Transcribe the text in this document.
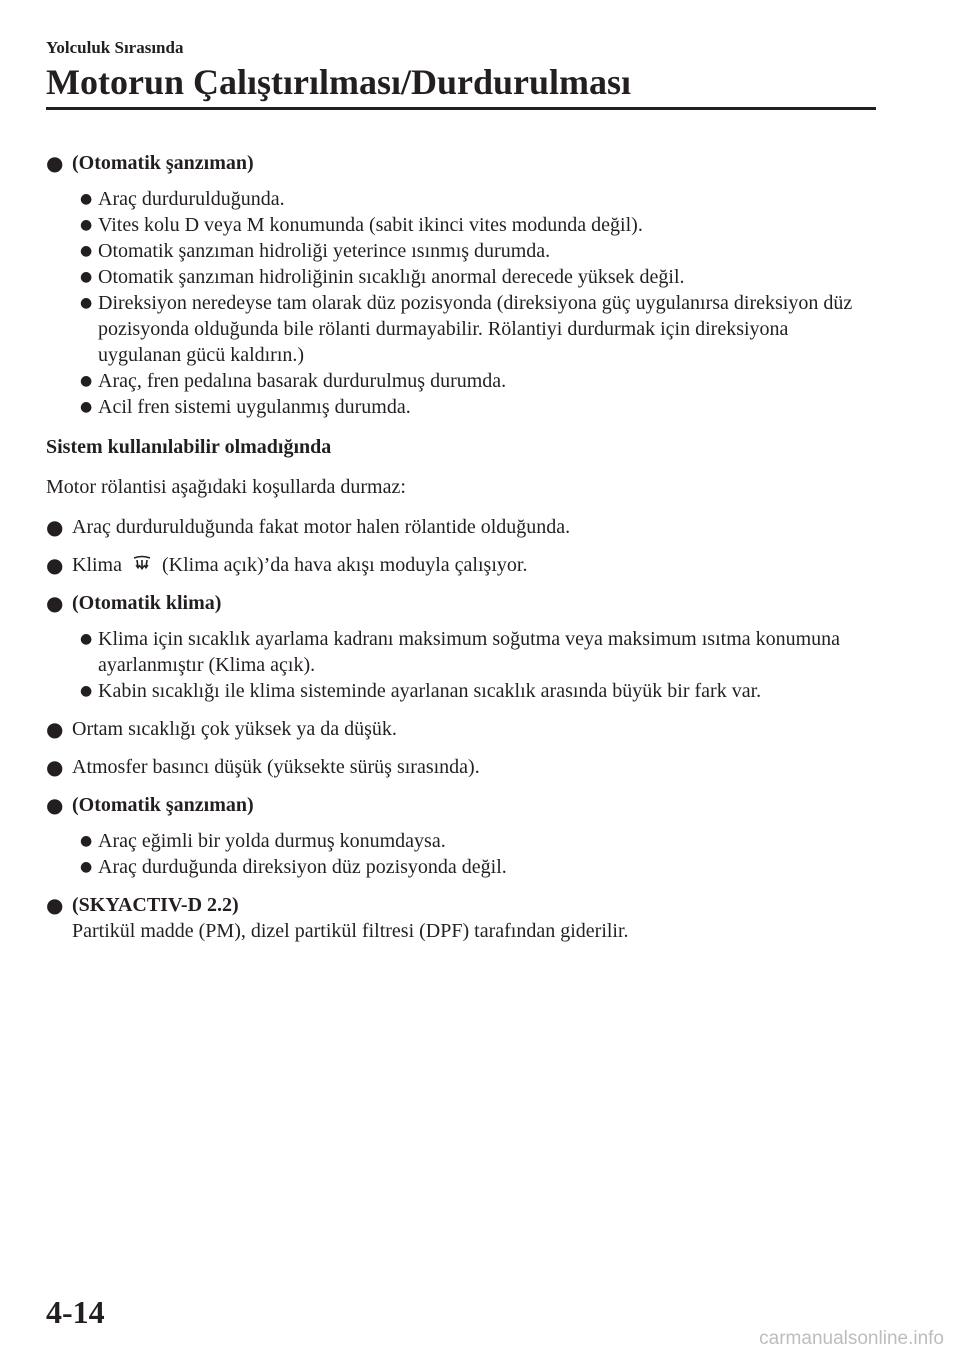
Yolculuk Sırasında
Motorun Çalıştırılması/Durdurulması
● (Otomatik şanzıman)
● Araç durdurulduğunda.
● Vites kolu D veya M konumunda (sabit ikinci vites modunda değil).
● Otomatik şanzıman hidroliği yeterince ısınmış durumda.
● Otomatik şanzıman hidroliğinin sıcaklığı anormal derecede yüksek değil.
● Direksiyon neredeyse tam olarak düz pozisyonda (direksiyona güç uygulanırsa direksiyon düz pozisyonda olduğunda bile rölanti durmayabilir. Rölantiyi durdurmak için direksiyona uygulanan gücü kaldırın.)
● Araç, fren pedalına basarak durdurulmuş durumda.
● Acil fren sistemi uygulanmış durumda.
Sistem kullanılabilir olmadığında
Motor rölantisi aşağıdaki koşullarda durmaz:
● Araç durdurulduğunda fakat motor halen rölantide olduğunda.
● Klima (Klima açık)’da hava akışı moduyla çalışıyor.
● (Otomatik klima)
● Klima için sıcaklık ayarlama kadranı maksimum soğutma veya maksimum ısıtma konumuna ayarlanmıştır (Klima açık).
● Kabin sıcaklığı ile klima sisteminde ayarlanan sıcaklık arasında büyük bir fark var.
● Ortam sıcaklığı çok yüksek ya da düşük.
● Atmosfer basıncı düşük (yüksekte sürüş sırasında).
● (Otomatik şanzıman)
● Araç eğimli bir yolda durmuş konumdaysa.
● Araç durduğunda direksiyon düz pozisyonda değil.
● (SKYACTIV-D 2.2)
Partikül madde (PM), dizel partikül filtresi (DPF) tarafından giderilir.
4-14
carmanualsonline.info
